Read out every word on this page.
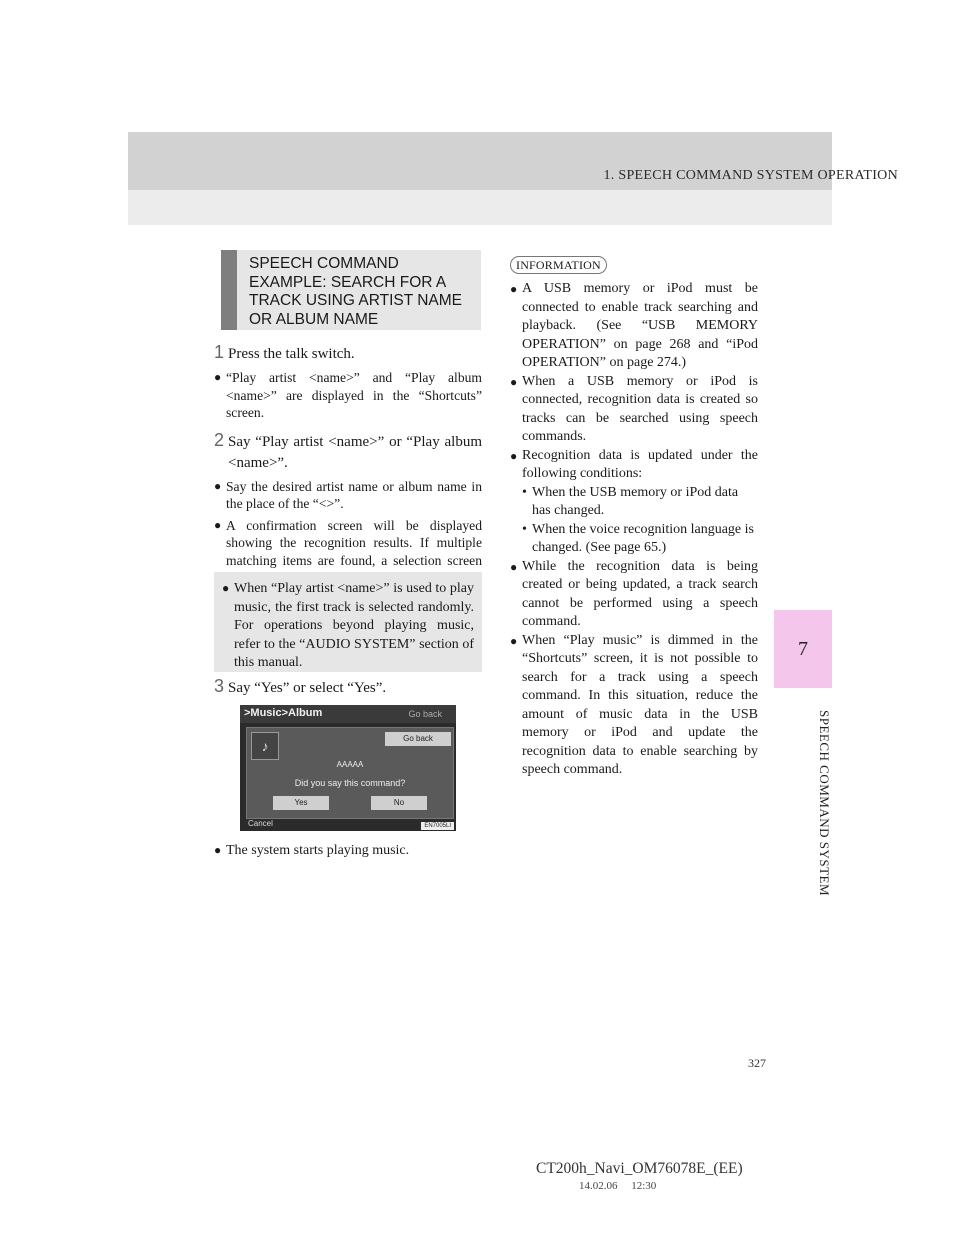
1. SPEECH COMMAND SYSTEM OPERATION
7
SPEECH COMMAND SYSTEM
SPEECH COMMAND EXAMPLE: SEARCH FOR A TRACK USING ARTIST NAME OR ALBUM NAME
1 Press the talk switch.
● “Play artist <name>” and “Play album <name>” are displayed in the “Shortcuts” screen.
2 Say “Play artist <name>” or “Play album <name>”.
● Say the desired artist name or album name in the place of the “<>”.
● A confirmation screen will be displayed showing the recognition results. If multiple matching items are found, a selection screen
● When “Play artist <name>” is used to play music, the first track is selected randomly. For operations beyond playing music, refer to the “AUDIO SYSTEM” section of this manual.
3 Say “Yes” or select “Yes”.
>Music>Album	Go back
♪	Go back
AAAAA
Did you say this command?
Yes	No
Cancel	EN7005LI
● The system starts playing music.
INFORMATION
● A USB memory or iPod must be connected to enable track searching and playback. (See “USB MEMORY OPERATION” on page 268 and “iPod OPERATION” on page 274.)
● When a USB memory or iPod is connected, recognition data is created so tracks can be searched using speech commands.
● Recognition data is updated under the following conditions:
• When the USB memory or iPod data has changed.
• When the voice recognition language is changed. (See page 65.)
● While the recognition data is being created or being updated, a track search cannot be performed using a speech command.
● When “Play music” is dimmed in the “Shortcuts” screen, it is not possible to search for a track using a speech command. In this situation, reduce the amount of music data in the USB memory or iPod and update the recognition data to enable searching by speech command.
327
CT200h_Navi_OM76078E_(EE)
14.02.06     12:30
